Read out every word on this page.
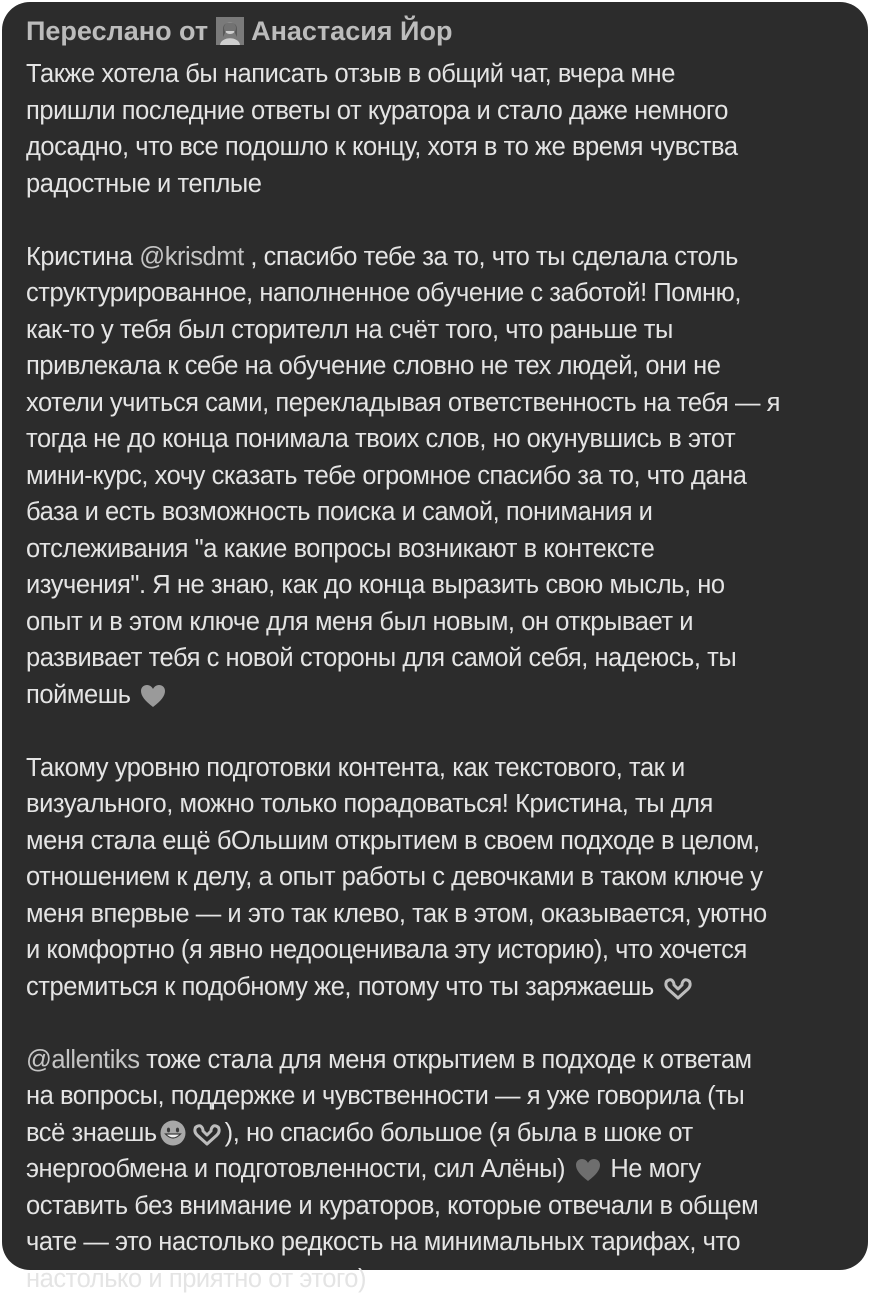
Переслано от Анастасия Йор
Также хотела бы написать отзыв в общий чат, вчера мне
пришли последние ответы от куратора и стало даже немного
досадно, что все подошло к концу, хотя в то же время чувства
радостные и теплые
Кристина @krisdmt , спасибо тебе за то, что ты сделала столь
структурированное, наполненное обучение с заботой! Помню,
как-то у тебя был сторителл на счёт того, что раньше ты
привлекала к себе на обучение словно не тех людей, они не
хотели учиться сами, перекладывая ответственность на тебя — я
тогда не до конца понимала твоих слов, но окунувшись в этот
мини-курс, хочу сказать тебе огромное спасибо за то, что дана
база и есть возможность поиска и самой, понимания и
отслеживания "а какие вопросы возникают в контексте
изучения". Я не знаю, как до конца выразить свою мысль, но
опыт и в этом ключе для меня был новым, он открывает и
развивает тебя с новой стороны для самой себя, надеюсь, ты
поймешь
Такому уровню подготовки контента, как текстового, так и
визуального, можно только порадоваться! Кристина, ты для
меня стала ещё бОльшим открытием в своем подходе в целом,
отношением к делу, а опыт работы с девочками в таком ключе у
меня впервые — и это так клево, так в этом, оказывается, уютно
и комфортно (я явно недооценивала эту историю), что хочется
стремиться к подобному же, потому что ты заряжаешь
@allentiks тоже стала для меня открытием в подходе к ответам
на вопросы, поддержке и чувственности — я уже говорила (ты
всё знаешь	), но спасибо большое (я была в шоке от
энергообмена и подготовленности, сил Алёны)  Не могу
оставить без внимание и кураторов, которые отвечали в общем
чате — это настолько редкость на минимальных тарифах, что
настолько и приятно от этого)
